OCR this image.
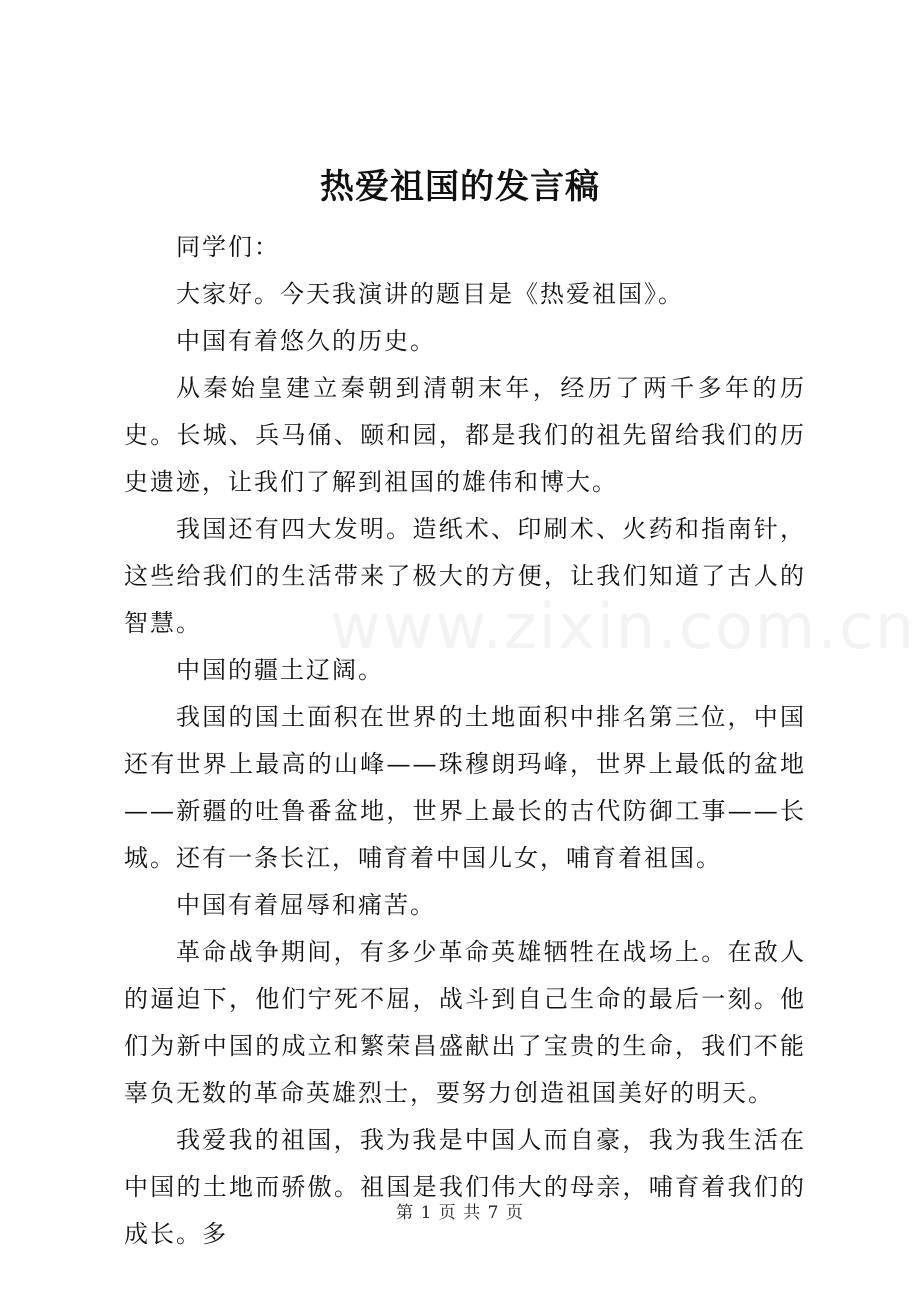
www.zixin.com.cn
热爱祖国的发言稿

同学们：

大家好。今天我演讲的题目是《热爱祖国》。

中国有着悠久的历史。

从秦始皇建立秦朝到清朝末年，经历了两千多年的历史。长城、兵马俑、颐和园，都是我们的祖先留给我们的历史遗迹，让我们了解到祖国的雄伟和博大。

我国还有四大发明。造纸术、印刷术、火药和指南针，这些给我们的生活带来了极大的方便，让我们知道了古人的智慧。

中国的疆土辽阔。

我国的国土面积在世界的土地面积中排名第三位，中国还有世界上最高的山峰——珠穆朗玛峰，世界上最低的盆地——新疆的吐鲁番盆地，世界上最长的古代防御工事——长城。还有一条长江，哺育着中国儿女，哺育着祖国。

中国有着屈辱和痛苦。

革命战争期间，有多少革命英雄牺牲在战场上。在敌人的逼迫下，他们宁死不屈，战斗到自己生命的最后一刻。他们为新中国的成立和繁荣昌盛献出了宝贵的生命，我们不能辜负无数的革命英雄烈士，要努力创造祖国美好的明天。

我爱我的祖国，我为我是中国人而自豪，我为我生活在中国的土地而骄傲。祖国是我们伟大的母亲，哺育着我们的成长。多

第 1 页 共 7 页
